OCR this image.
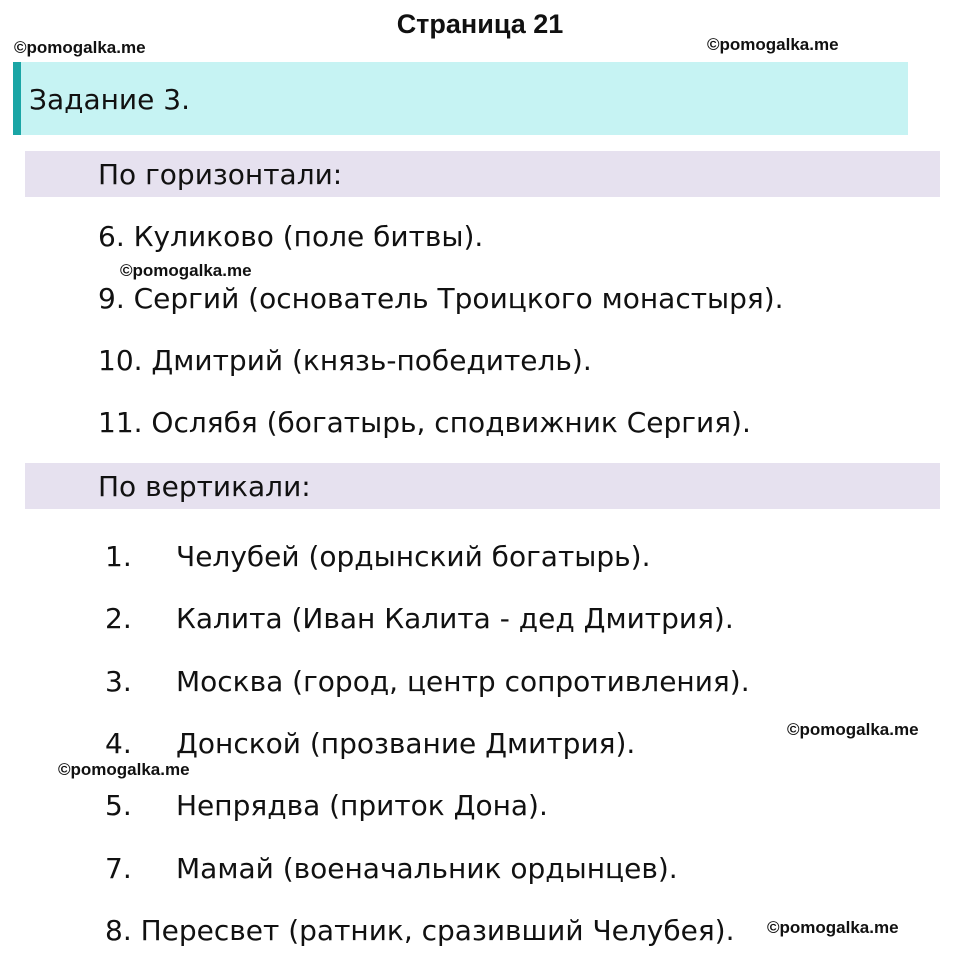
Страница 21
©pomogalka.me	©pomogalka.me
©pomogalka.me
©pomogalka.me
©pomogalka.me
©pomogalka.me
Задание 3.
По горизонтали:
6. Куликово (поле битвы).
9. Сергий (основатель Троицкого монастыря).
10. Дмитрий (князь-победитель).
11. Ослябя (богатырь, сподвижник Сергия).
По вертикали:
1. Челубей (ордынский богатырь).
2. Калита (Иван Калита - дед Дмитрия).
3. Москва (город, центр сопротивления).
4. Донской (прозвание Дмитрия).
5. Непрядва (приток Дона).
7. Мамай (военачальник ордынцев).
8. Пересвет (ратник, сразивший Челубея).
